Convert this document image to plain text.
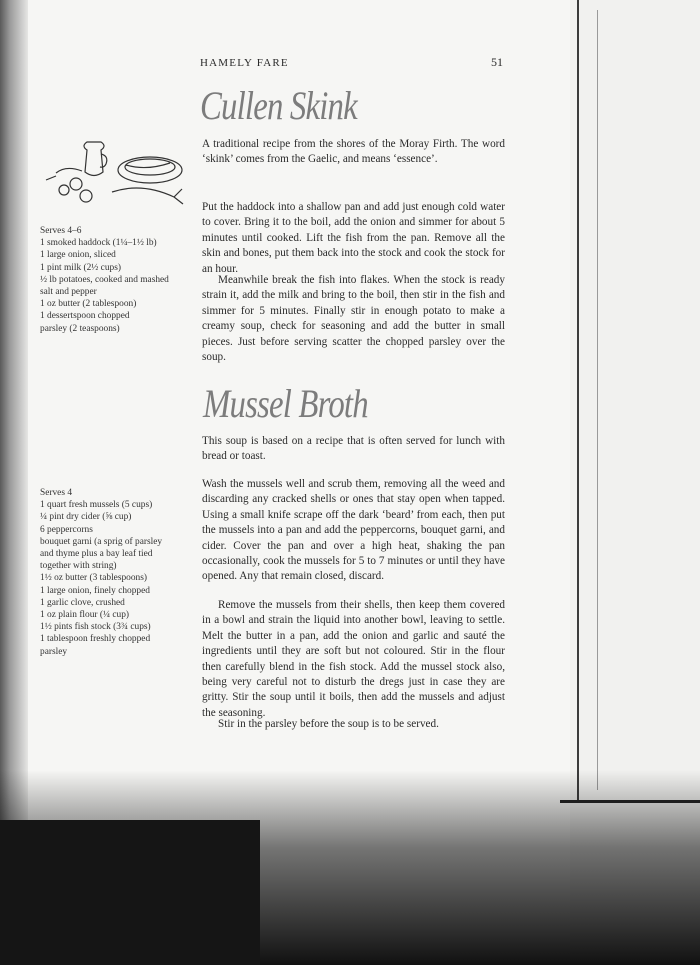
HAMELY FARE	51
Cullen Skink

A traditional recipe from the shores of the Moray Firth. The word ‘skink’ comes from the Gaelic, and means ‘essence’.

Put the haddock into a shallow pan and add just enough cold water to cover. Bring it to the boil, add the onion and simmer for about 5 minutes until cooked. Lift the fish from the pan. Remove all the skin and bones, put them back into the stock and cook the stock for an hour.

Meanwhile break the fish into flakes. When the stock is ready strain it, add the milk and bring to the boil, then stir in the fish and simmer for 5 minutes. Finally stir in enough potato to make a creamy soup, check for seasoning and add the butter in small pieces. Just before serving scatter the chopped parsley over the soup.

Serves 4–6
1 smoked haddock (1¼–1½ lb)
1 large onion, sliced
1 pint milk (2½ cups)
½ lb potatoes, cooked and mashed
salt and pepper
1 oz butter (2 tablespoon)
1 dessertspoon chopped
parsley (2 teaspoons)
Mussel Broth

This soup is based on a recipe that is often served for lunch with bread or toast.

Wash the mussels well and scrub them, removing all the weed and discarding any cracked shells or ones that stay open when tapped. Using a small knife scrape off the dark ‘beard’ from each, then put the mussels into a pan and add the peppercorns, bouquet garni, and cider. Cover the pan and over a high heat, shaking the pan occasionally, cook the mussels for 5 to 7 minutes or until they have opened. Any that remain closed, discard.

Remove the mussels from their shells, then keep them covered in a bowl and strain the liquid into another bowl, leaving to settle. Melt the butter in a pan, add the onion and garlic and sauté the ingredients until they are soft but not coloured. Stir in the flour then carefully blend in the fish stock. Add the mussel stock also, being very careful not to disturb the dregs just in case they are gritty. Stir the soup until it boils, then add the mussels and adjust the seasoning.

Stir in the parsley before the soup is to be served.

Serves 4
1 quart fresh mussels (5 cups)
¼ pint dry cider (⅝ cup)
6 peppercorns
bouquet garni (a sprig of parsley
and thyme plus a bay leaf tied
together with string)
1½ oz butter (3 tablespoons)
1 large onion, finely chopped
1 garlic clove, crushed
1 oz plain flour (¼ cup)
1½ pints fish stock (3¾ cups)
1 tablespoon freshly chopped
parsley
